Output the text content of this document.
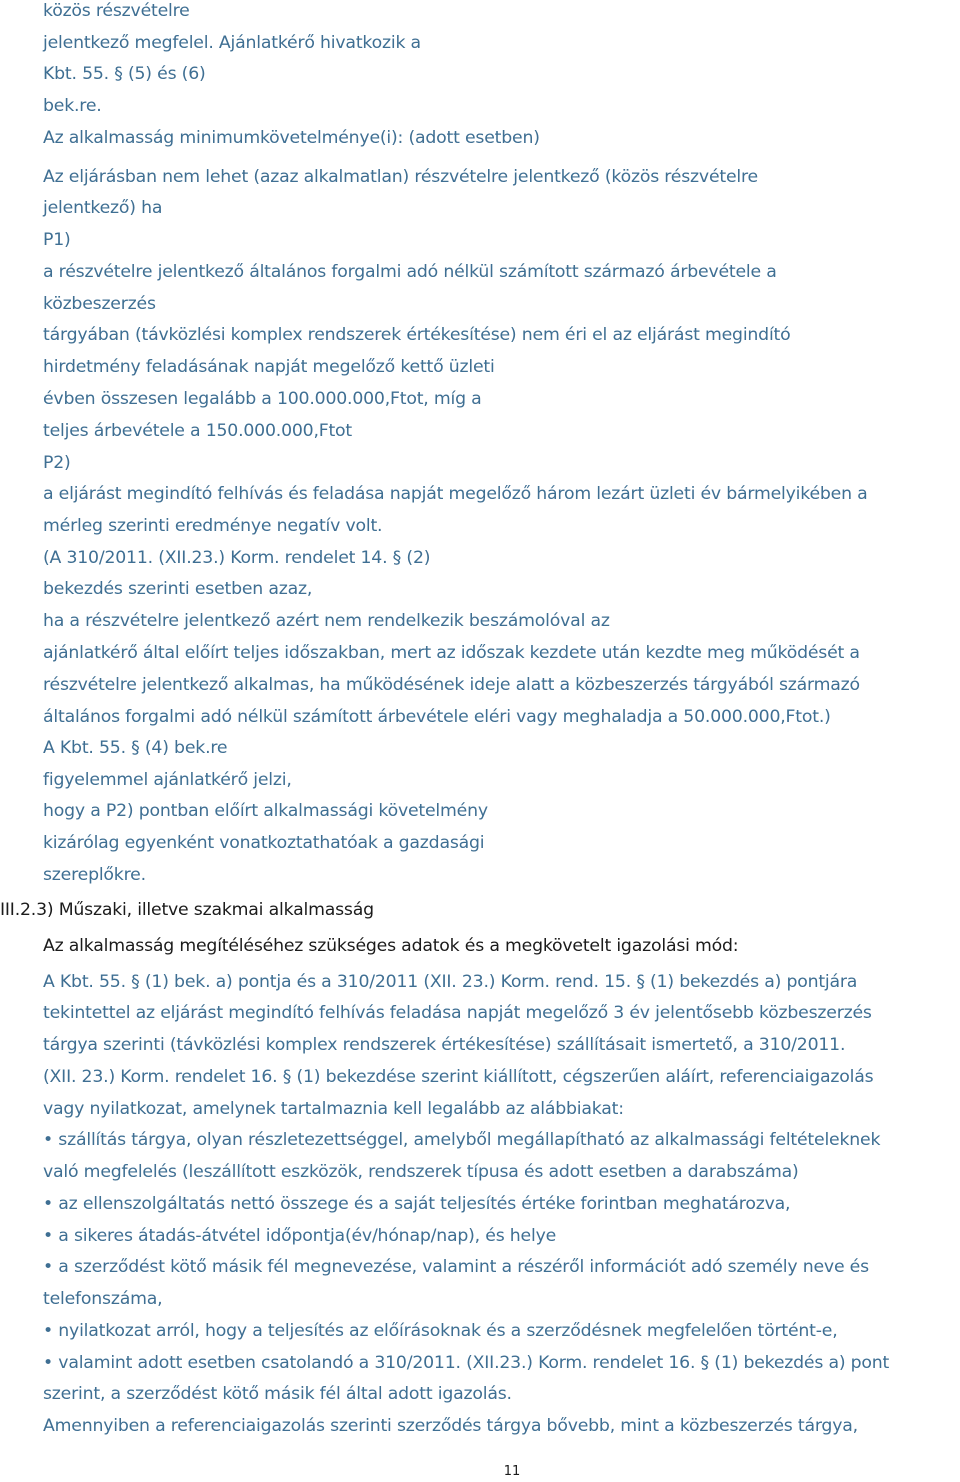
közös részvételre
jelentkező megfelel. Ajánlatkérő hivatkozik a
Kbt. 55. § (5) és (6)
bek.re.
Az alkalmasság minimumkövetelménye(i): (adott esetben)
Az eljárásban nem lehet (azaz alkalmatlan) részvételre jelentkező (közös részvételre
jelentkező) ha
P1)
a részvételre jelentkező általános forgalmi adó nélkül számított származó árbevétele a
közbeszerzés
tárgyában (távközlési komplex rendszerek értékesítése) nem éri el az eljárást megindító
hirdetmény feladásának napját megelőző kettő üzleti
évben összesen legalább a 100.000.000,Ftot, míg a
teljes árbevétele a 150.000.000,Ftot
P2)
a eljárást megindító felhívás és feladása napját megelőző három lezárt üzleti év bármelyikében a
mérleg szerinti eredménye negatív volt.
(A 310/2011. (XII.23.) Korm. rendelet 14. § (2)
bekezdés szerinti esetben azaz,
ha a részvételre jelentkező azért nem rendelkezik beszámolóval az
ajánlatkérő által előírt teljes időszakban, mert az időszak kezdete után kezdte meg működését a
részvételre jelentkező alkalmas, ha működésének ideje alatt a közbeszerzés tárgyából származó
általános forgalmi adó nélkül számított árbevétele eléri vagy meghaladja a 50.000.000,Ftot.)
A Kbt. 55. § (4) bek.re
figyelemmel ajánlatkérő jelzi,
hogy a P2) pontban előírt alkalmassági követelmény
kizárólag egyenként vonatkoztathatóak a gazdasági
szereplőkre.
III.2.3) Műszaki, illetve szakmai alkalmasság
Az alkalmasság megítéléséhez szükséges adatok és a megkövetelt igazolási mód:
A Kbt. 55. § (1) bek. a) pontja és a 310/2011 (XII. 23.) Korm. rend. 15. § (1) bekezdés a) pontjára
tekintettel az eljárást megindító felhívás feladása napját megelőző 3 év jelentősebb közbeszerzés
tárgya szerinti (távközlési komplex rendszerek értékesítése) szállításait ismertető, a 310/2011.
(XII. 23.) Korm. rendelet 16. § (1) bekezdése szerint kiállított, cégszerűen aláírt, referenciaigazolás
vagy nyilatkozat, amelynek tartalmaznia kell legalább az alábbiakat:
• szállítás tárgya, olyan részletezettséggel, amelyből megállapítható az alkalmassági feltételeknek
való megfelelés (leszállított eszközök, rendszerek típusa és adott esetben a darabszáma)
• az ellenszolgáltatás nettó összege és a saját teljesítés értéke forintban meghatározva,
• a sikeres átadás-átvétel időpontja(év/hónap/nap), és helye
• a szerződést kötő másik fél megnevezése, valamint a részéről információt adó személy neve és
telefonszáma,
• nyilatkozat arról, hogy a teljesítés az előírásoknak és a szerződésnek megfelelően történt-e,
• valamint adott esetben csatolandó a 310/2011. (XII.23.) Korm. rendelet 16. § (1) bekezdés a) pont
szerint, a szerződést kötő másik fél által adott igazolás.
Amennyiben a referenciaigazolás szerinti szerződés tárgya bővebb, mint a közbeszerzés tárgya,
11
